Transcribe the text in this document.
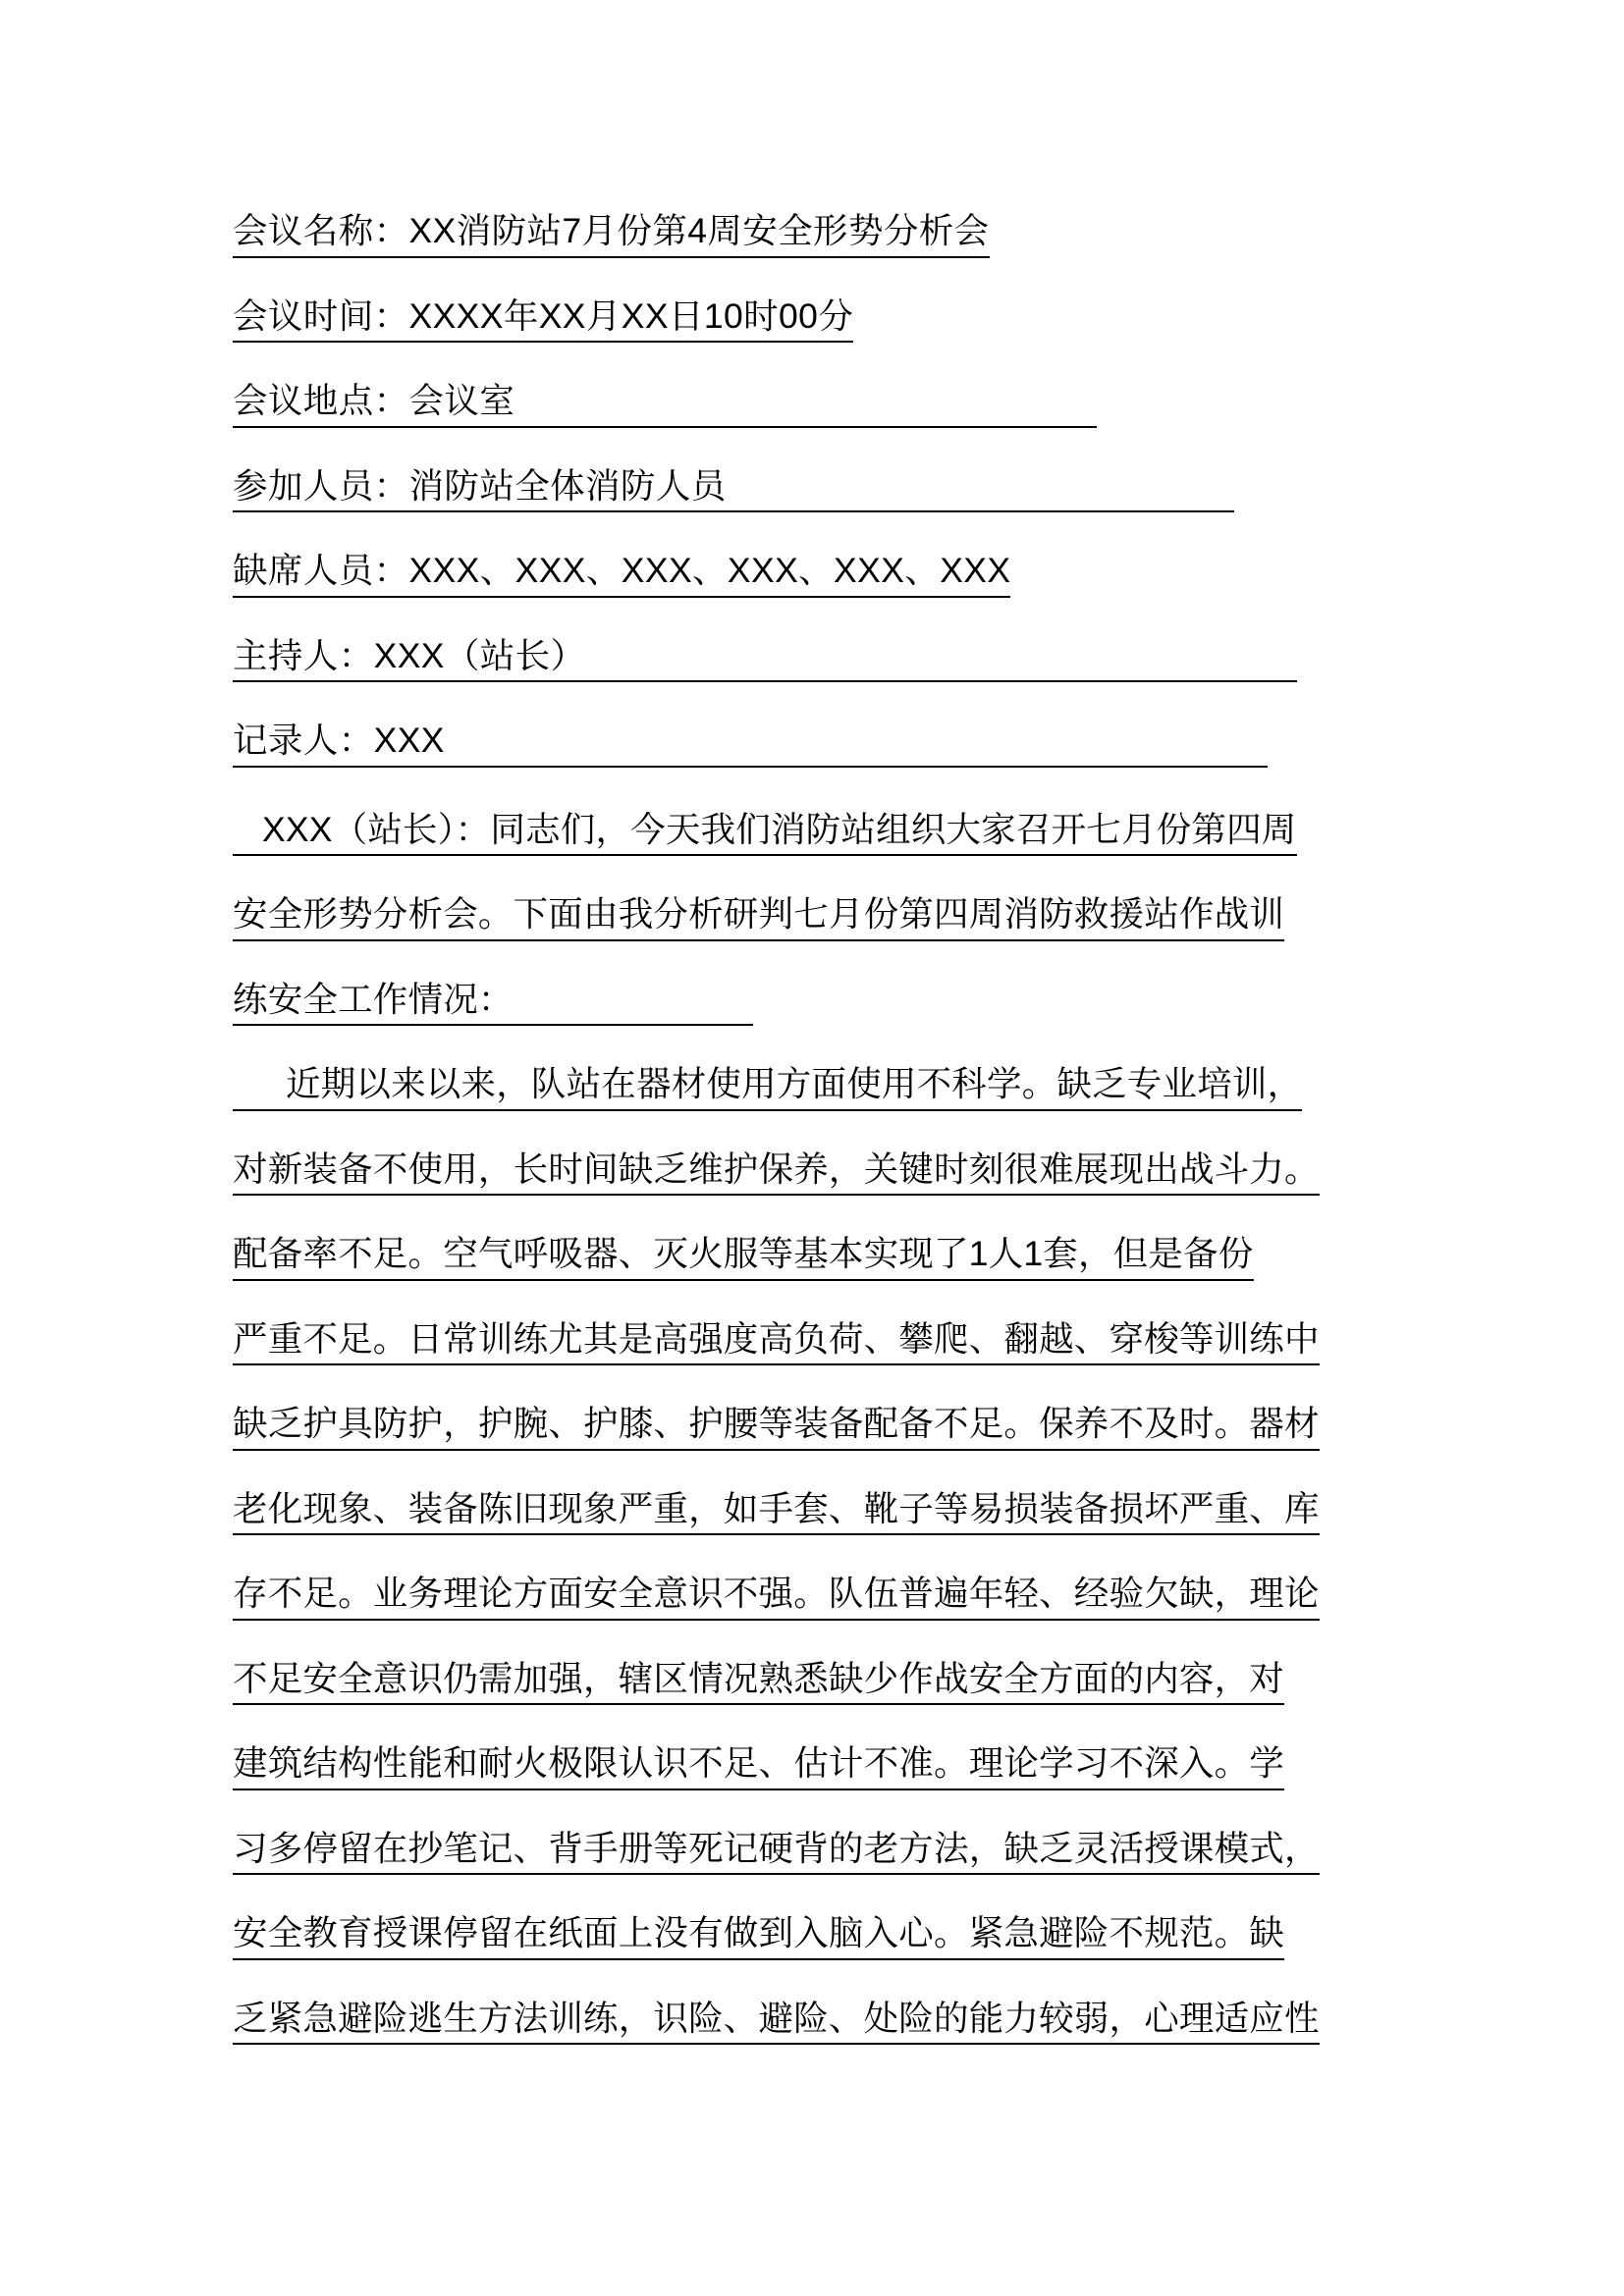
会议名称：XX消防站7月份第4周安全形势分析会
会议时间：XXXX年XX月XX日10时00分
会议地点：会议室
参加人员：消防站全体消防人员
缺席人员：XXX、XXX、XXX、XXX、XXX、XXX
主持人：XXX（站长）
记录人：XXX
XXX（站长）：同志们，今天我们消防站组织大家召开七月份第四周
安全形势分析会。下面由我分析研判七月份第四周消防救援站作战训
练安全工作情况：
近期以来以来，队站在器材使用方面使用不科学。缺乏专业培训，
对新装备不使用，长时间缺乏维护保养，关键时刻很难展现出战斗力。
配备率不足。空气呼吸器、灭火服等基本实现了1人1套，但是备份
严重不足。日常训练尤其是高强度高负荷、攀爬、翻越、穿梭等训练中
缺乏护具防护，护腕、护膝、护腰等装备配备不足。保养不及时。器材
老化现象、装备陈旧现象严重，如手套、靴子等易损装备损坏严重、库
存不足。业务理论方面安全意识不强。队伍普遍年轻、经验欠缺，理论
不足安全意识仍需加强，辖区情况熟悉缺少作战安全方面的内容，对
建筑结构性能和耐火极限认识不足、估计不准。理论学习不深入。学
习多停留在抄笔记、背手册等死记硬背的老方法，缺乏灵活授课模式，
安全教育授课停留在纸面上没有做到入脑入心。紧急避险不规范。缺
乏紧急避险逃生方法训练，识险、避险、处险的能力较弱，心理适应性
